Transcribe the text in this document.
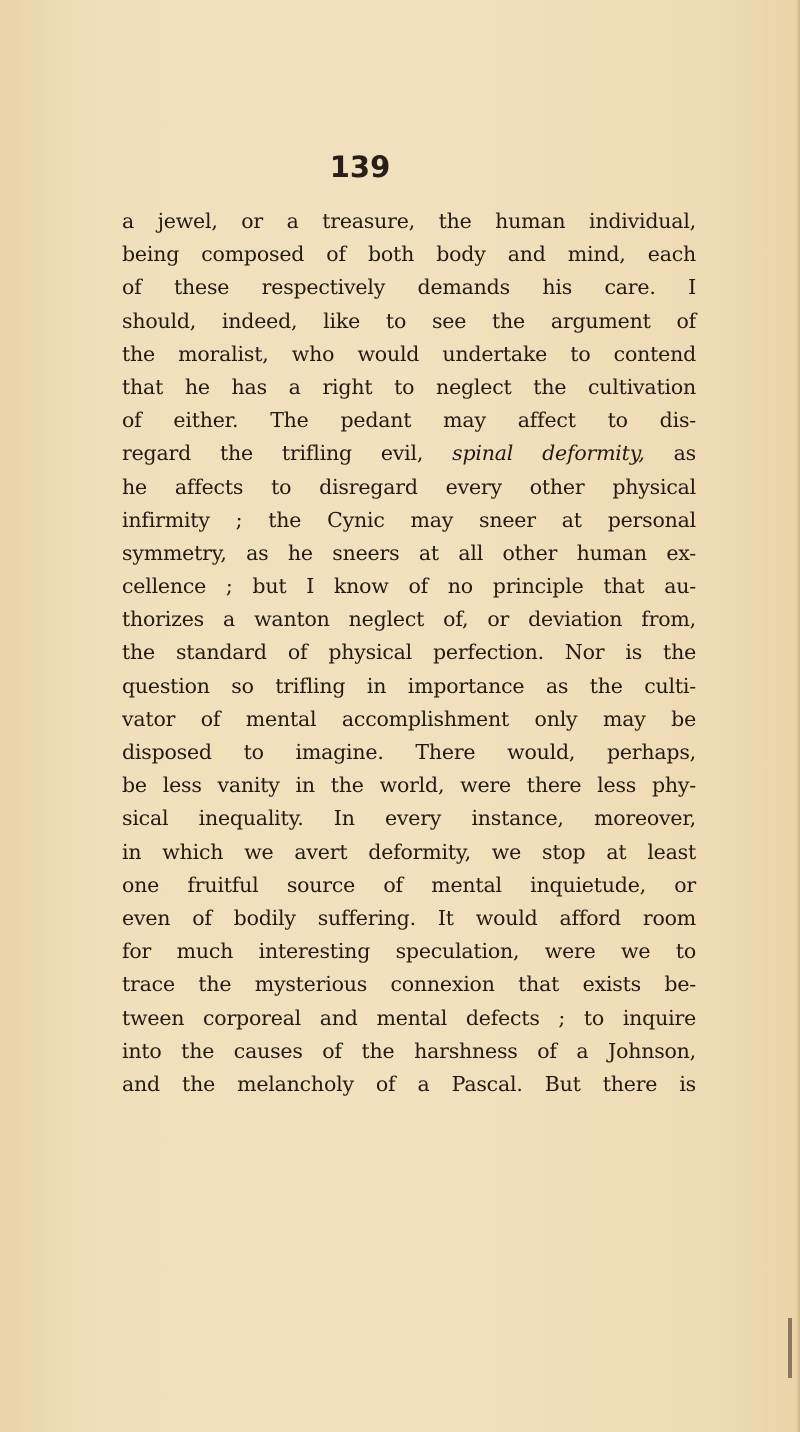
139
a jewel, or a treasure, the human individual,
being composed of both body and mind, each
of these respectively demands his care. I
should, indeed, like to see the argument of
the moralist, who would undertake to contend
that he has a right to neglect the cultivation
of either. The pedant may affect to dis-
regard the trifling evil, spinal deformity, as
he affects to disregard every other physical
infirmity ; the Cynic may sneer at personal
symmetry, as he sneers at all other human ex-
cellence ; but I know of no principle that au-
thorizes a wanton neglect of, or deviation from,
the standard of physical perfection. Nor is the
question so trifling in importance as the culti-
vator of mental accomplishment only may be
disposed to imagine. There would, perhaps,
be less vanity in the world, were there less phy-
sical inequality. In every instance, moreover,
in which we avert deformity, we stop at least
one fruitful source of mental inquietude, or
even of bodily suffering. It would afford room
for much interesting speculation, were we to
trace the mysterious connexion that exists be-
tween corporeal and mental defects ; to inquire
into the causes of the harshness of a Johnson,
and the melancholy of a Pascal. But there is
